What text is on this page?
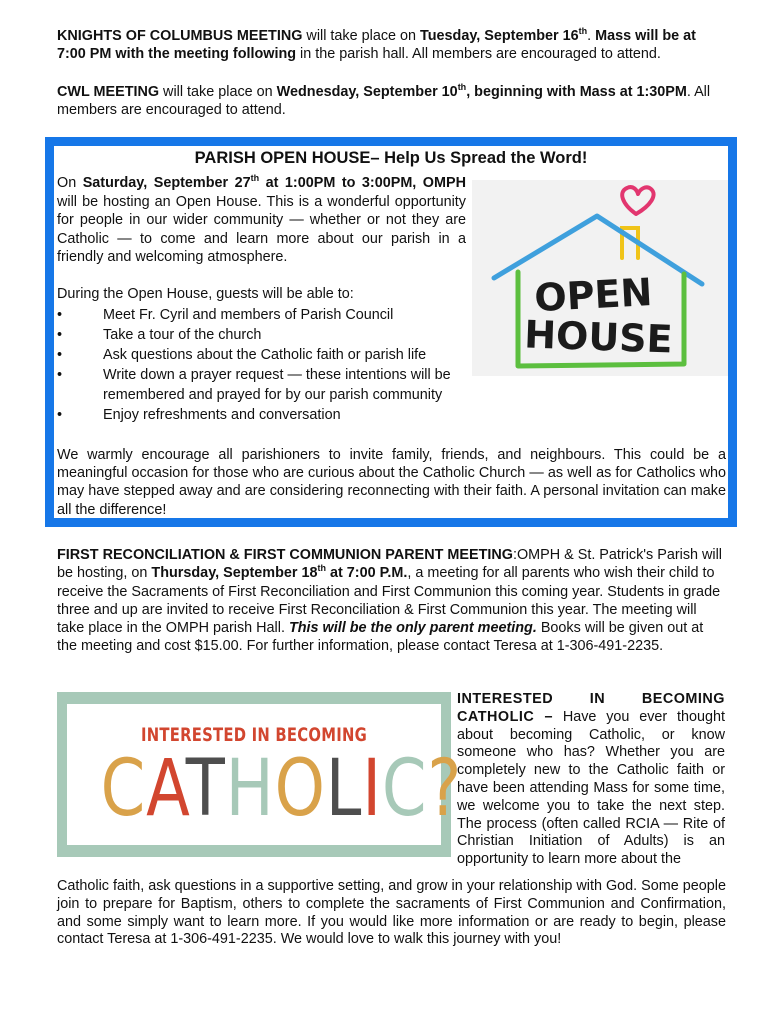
KNIGHTS OF COLUMBUS MEETING will take place on Tuesday, September 16th. Mass will be at 7:00 PM with the meeting following in the parish hall. All members are encouraged to attend.

CWL MEETING will take place on Wednesday, September 10th, beginning with Mass at 1:30PM. All members are encouraged to attend.

PARISH OPEN HOUSE– Help Us Spread the Word!

On Saturday, September 27th at 1:00PM to 3:00PM, OMPH will be hosting an Open House. This is a wonderful opportunity for people in our wider community — whether or not they are Catholic — to come and learn more about our parish in a friendly and welcoming atmosphere.

During the Open House, guests will be able to:

•	Meet Fr. Cyril and members of Parish Council
•	Take a tour of the church
•	Ask questions about the Catholic faith or parish life
•	Write down a prayer request — these intentions will be remembered and prayed for by our parish community
•	Enjoy refreshments and conversation
We warmly encourage all parishioners to invite family, friends, and neighbours. This could be a meaningful occasion for those who are curious about the Catholic Church — as well as for Catholics who may have stepped away and are considering reconnecting with their faith. A personal invitation can make all the difference!
OPEN
HOUSE

FIRST RECONCILIATION & FIRST COMMUNION PARENT MEETING:OMPH & St. Patrick's Parish will be hosting, on Thursday, September 18th at 7:00 P.M., a meeting for all parents who wish their child to receive the Sacraments of First Reconciliation and First Communion this coming year. Students in grade three and up are invited to receive First Reconciliation & First Communion this year. The meeting will take place in the OMPH parish Hall. This will be the only parent meeting. Books will be given out at the meeting and cost $15.00. For further information, please contact Teresa at 1-306-491-2235.

INTERESTED IN BECOMING
CATHOLIC?
INTERESTED IN BECOMING CATHOLIC – Have you ever thought about becoming Catholic, or know someone who has? Whether you are completely new to the Catholic faith or have been attending Mass for some time, we welcome you to take the next step. The process (often called RCIA — Rite of Christian Initiation of Adults) is an opportunity to learn more about the
Catholic faith, ask questions in a supportive setting, and grow in your relationship with God. Some people join to prepare for Baptism, others to complete the sacraments of First Communion and Confirmation, and some simply want to learn more. If you would like more information or are ready to begin, please contact Teresa at 1-306-491-2235. We would love to walk this journey with you!
